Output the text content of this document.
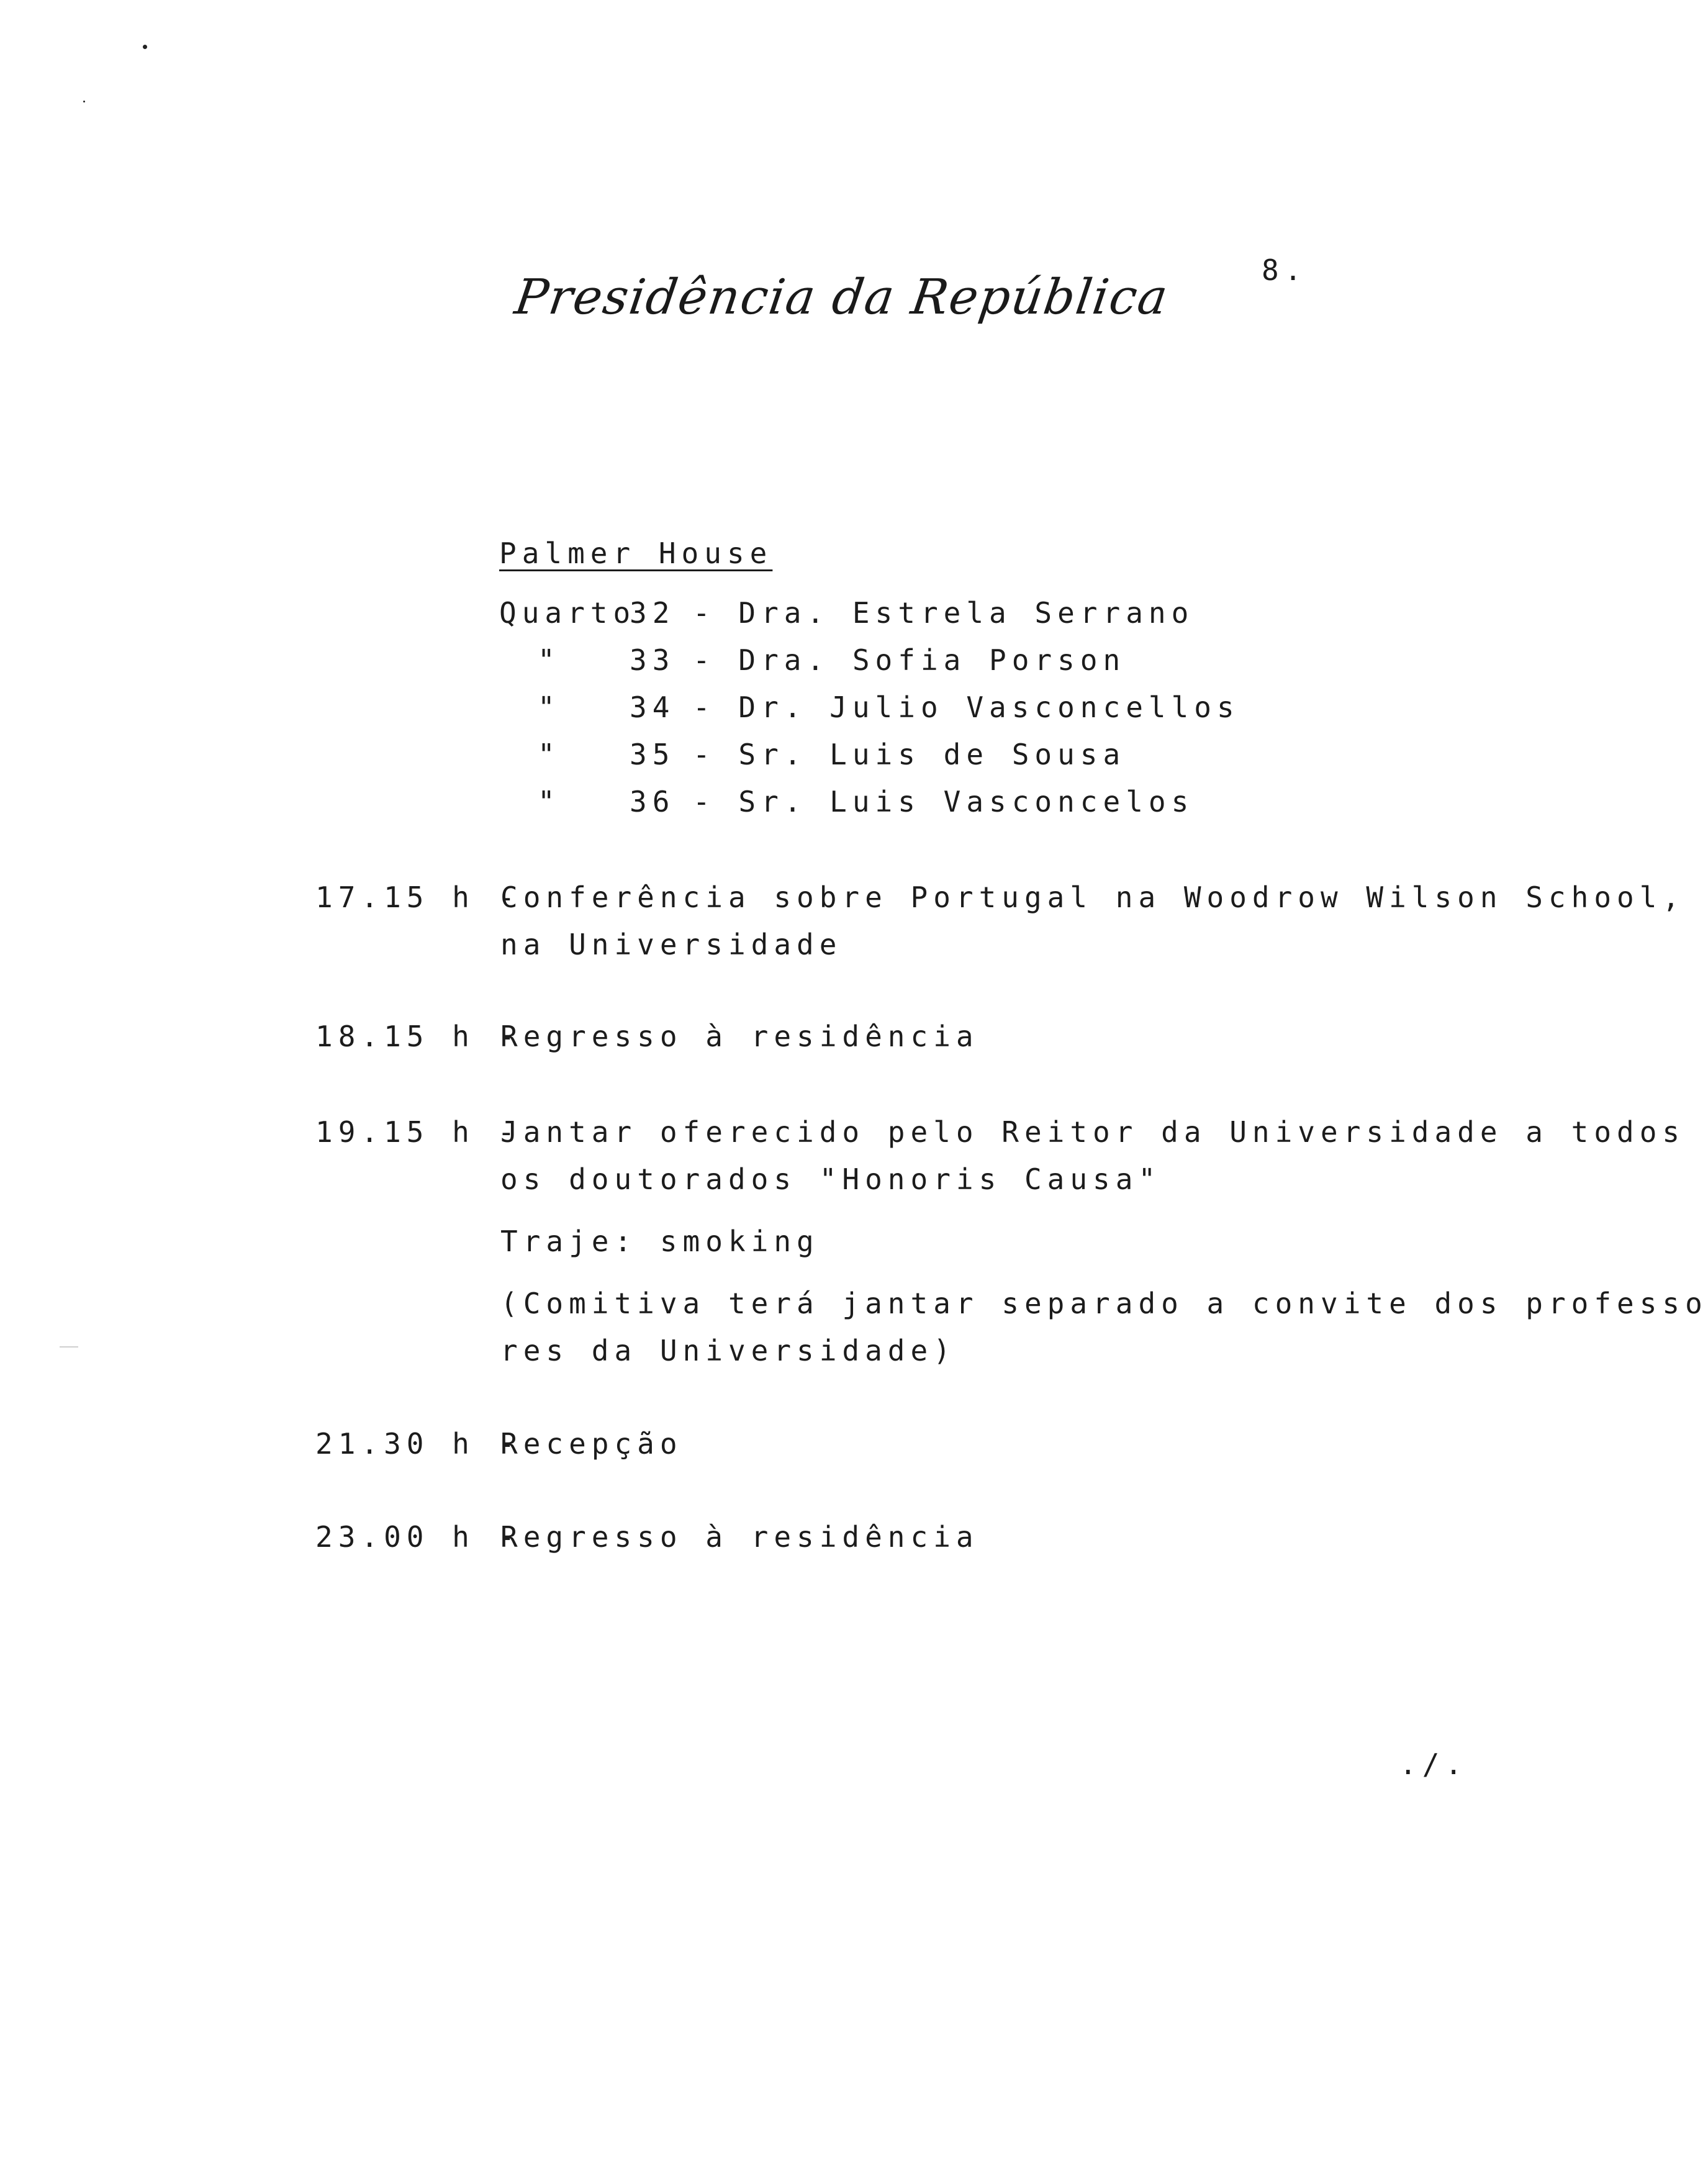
Presidência da República	8.
Palmer House
Quarto
32 - Dra. Estrela Serrano
" 33 - Dra. Sofia Porson
" 34 - Dr. Julio Vasconcellos
" 35 - Sr. Luis de Sousa
" 36 - Sr. Luis Vasconcelos
17.15 h -
Conferência sobre Portugal na Woodrow Wilson School,
na Universidade
18.15 h -
Regresso à residência
19.15 h -
Jantar oferecido pelo Reitor da Universidade a todos
os doutorados "Honoris Causa"
Traje: smoking
(Comitiva terá jantar separado a convite dos professo
res da Universidade)
21.30 h -
Recepção
23.00 h -
Regresso à residência
./.
